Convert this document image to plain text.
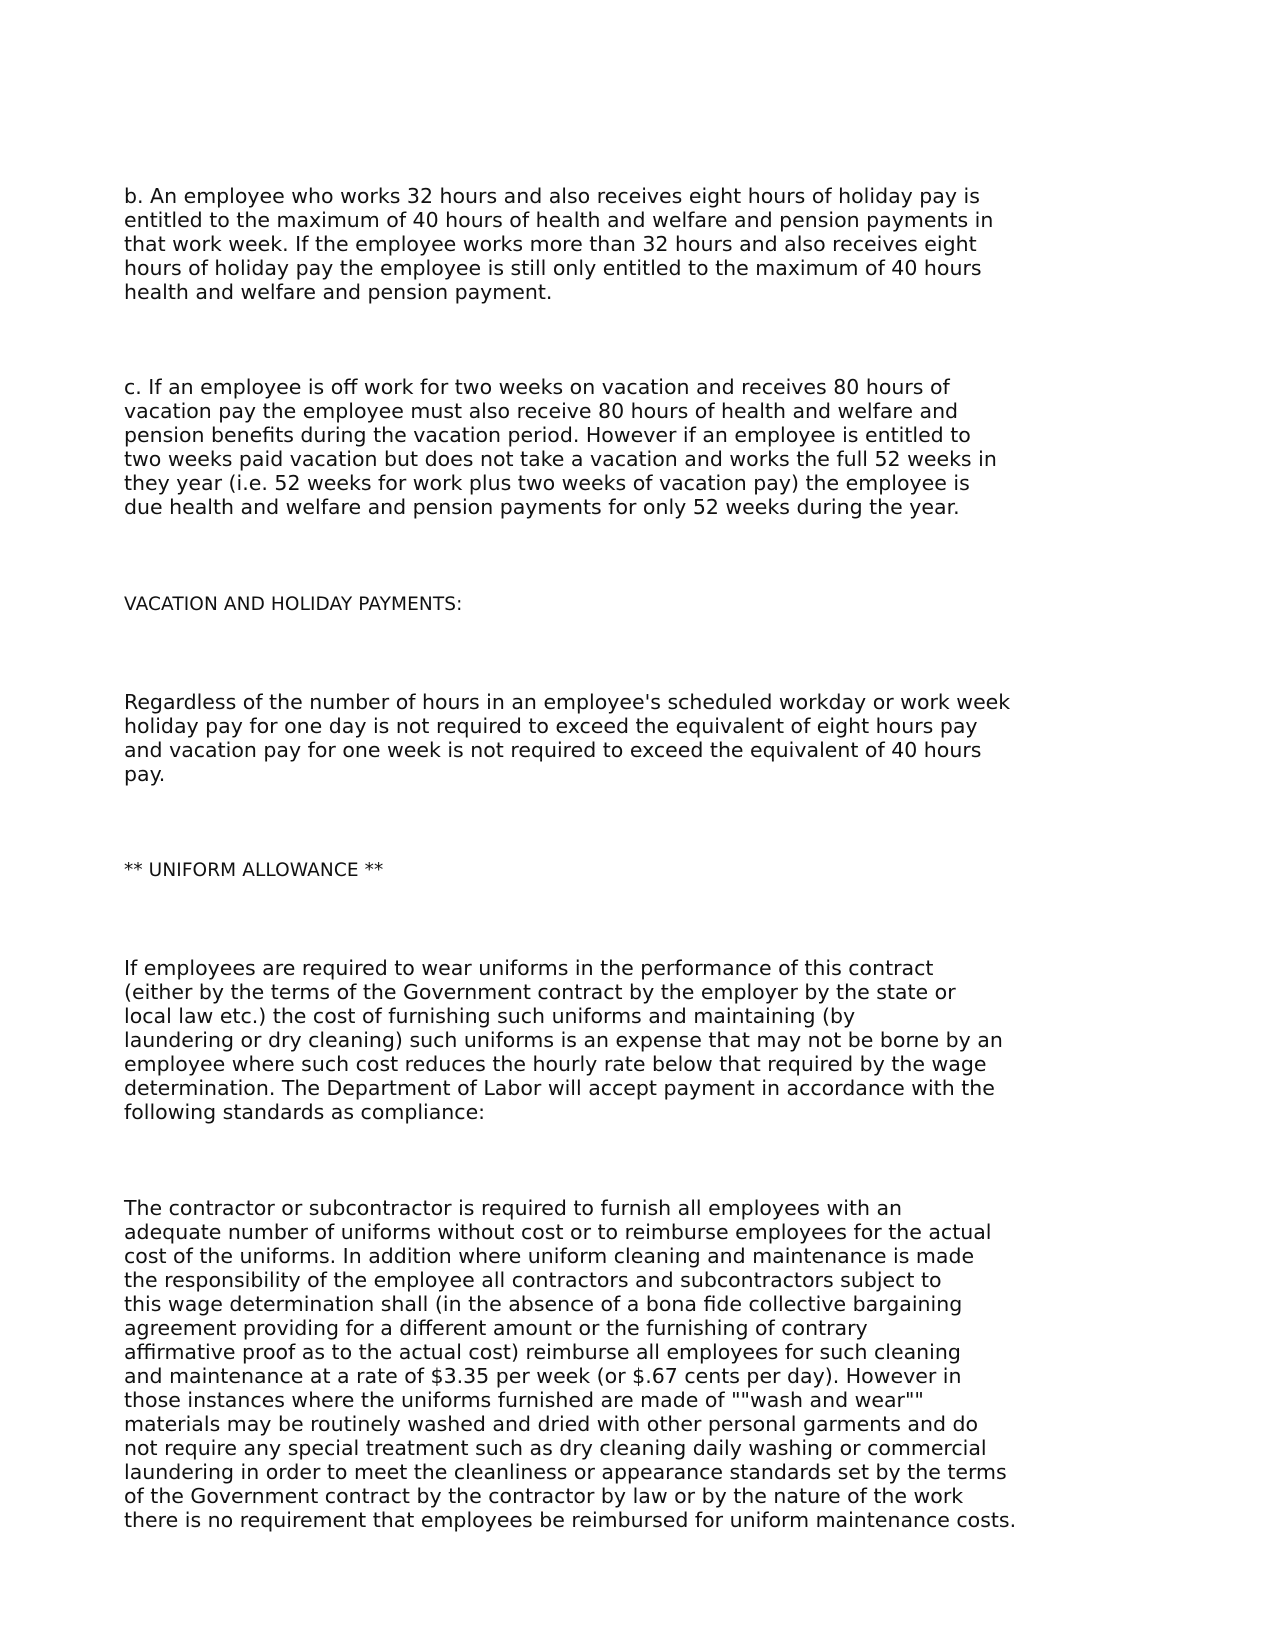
b. An employee who works 32 hours and also receives eight hours of holiday pay is
entitled to the maximum of 40 hours of health and welfare and pension payments in
that work week. If the employee works more than 32 hours and also receives eight
hours of holiday pay the employee is still only entitled to the maximum of 40 hours
health and welfare and pension payment.
c. If an employee is off work for two weeks on vacation and receives 80 hours of
vacation pay the employee must also receive 80 hours of health and welfare and
pension benefits during the vacation period. However if an employee is entitled to
two weeks paid vacation but does not take a vacation and works the full 52 weeks in
they year (i.e. 52 weeks for work plus two weeks of vacation pay) the employee is
due health and welfare and pension payments for only 52 weeks during the year.
VACATION AND HOLIDAY PAYMENTS:
Regardless of the number of hours in an employee's scheduled workday or work week
holiday pay for one day is not required to exceed the equivalent of eight hours pay
and vacation pay for one week is not required to exceed the equivalent of 40 hours
pay.
** UNIFORM ALLOWANCE **
If employees are required to wear uniforms in the performance of this contract
(either by the terms of the Government contract by the employer by the state or
local law etc.) the cost of furnishing such uniforms and maintaining (by
laundering or dry cleaning) such uniforms is an expense that may not be borne by an
employee where such cost reduces the hourly rate below that required by the wage
determination. The Department of Labor will accept payment in accordance with the
following standards as compliance:
The contractor or subcontractor is required to furnish all employees with an
adequate number of uniforms without cost or to reimburse employees for the actual
cost of the uniforms. In addition where uniform cleaning and maintenance is made
the responsibility of the employee all contractors and subcontractors subject to
this wage determination shall (in the absence of a bona fide collective bargaining
agreement providing for a different amount or the furnishing of contrary
affirmative proof as to the actual cost) reimburse all employees for such cleaning
and maintenance at a rate of $3.35 per week (or $.67 cents per day). However in
those instances where the uniforms furnished are made of ""wash and wear""
materials may be routinely washed and dried with other personal garments and do
not require any special treatment such as dry cleaning daily washing or commercial
laundering in order to meet the cleanliness or appearance standards set by the terms
of the Government contract by the contractor by law or by the nature of the work
there is no requirement that employees be reimbursed for uniform maintenance costs.
